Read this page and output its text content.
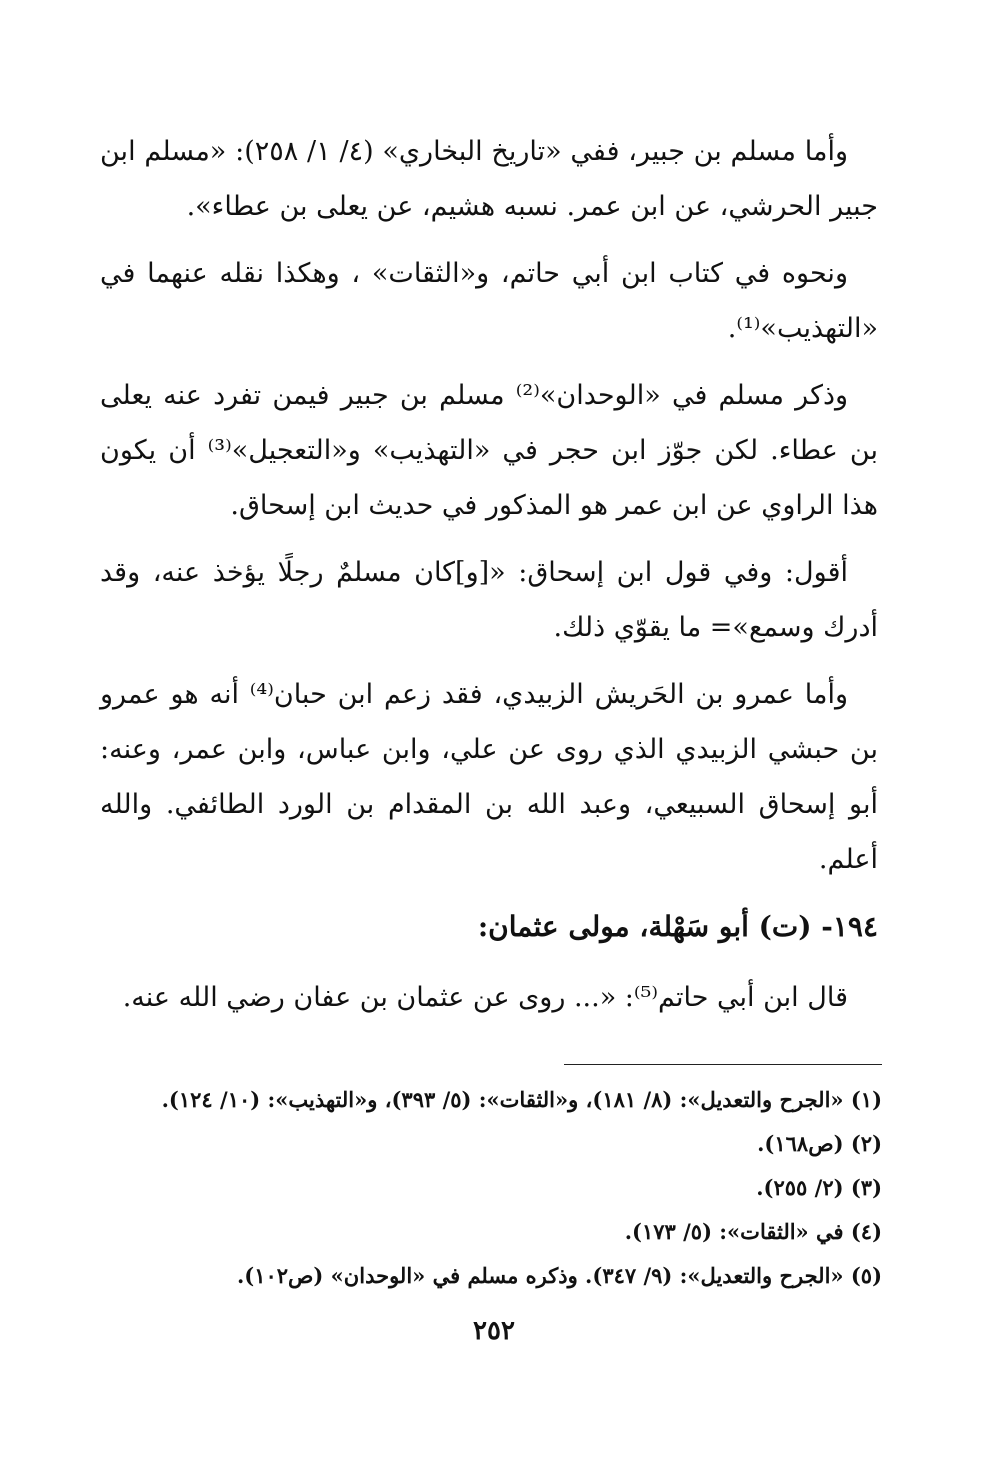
وأما مسلم بن جبير، ففي «تاريخ البخاري» (٤/ ١/ ٢٥٨): «مسلم ابن جبير الحرشي، عن ابن عمر. نسبه هشيم، عن يعلى بن عطاء».

ونحوه في كتاب ابن أبي حاتم، و«الثقات» ، وهكذا نقله عنهما في «التهذيب»⁽¹⁾.

وذكر مسلم في «الوحدان»⁽²⁾ مسلم بن جبير فيمن تفرد عنه يعلى بن عطاء. لكن جوّز ابن حجر في «التهذيب» و«التعجيل»⁽³⁾ أن يكون هذا الراوي عن ابن عمر هو المذكور في حديث ابن إسحاق.

أقول: وفي قول ابن إسحاق: «[و]كان مسلمٌ رجلًا يؤخذ عنه، وقد أدرك وسمع»= ما يقوّي ذلك.

وأما عمرو بن الحَريش الزبيدي، فقد زعم ابن حبان⁽⁴⁾ أنه هو عمرو بن حبشي الزبيدي الذي روى عن علي، وابن عباس، وابن عمر، وعنه: أبو إسحاق السبيعي، وعبد الله بن المقدام بن الورد الطائفي. والله أعلم.

١٩٤- (ت) أبو سَهْلة، مولى عثمان:

قال ابن أبي حاتم⁽⁵⁾: «... روى عن عثمان بن عفان رضي الله عنه.

(١) «الجرح والتعديل»: (٨/ ١٨١)، و«الثقات»: (٥/ ٣٩٣)، و«التهذيب»: (١٠/ ١٢٤).
(٢) (ص١٦٨).
(٣) (٢/ ٢٥٥).
(٤) في «الثقات»: (٥/ ١٧٣).
(٥) «الجرح والتعديل»: (٩/ ٣٤٧). وذكره مسلم في «الوحدان» (ص١٠٢).
٢٥٢
